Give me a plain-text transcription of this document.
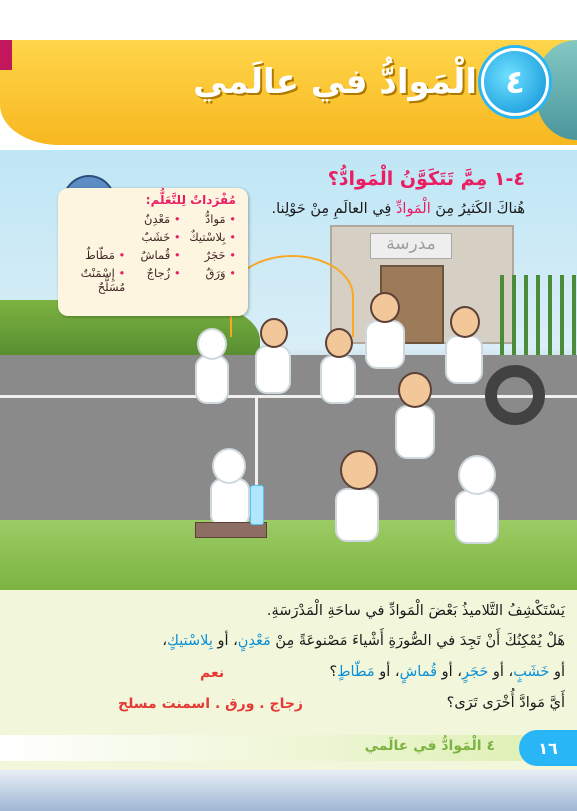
٤
الْمَوادُّ في عالَمي
مدرسة
مُفْرَداتٌ لِلتَّعَلُّم:
• مَوادُّ
• مَعْدِنٌ
• بِلاسْتيكٌ
• خَشَبٌ
• حَجَرٌ
• قُماشٌ
• مَطّاطٌ
• وَرَقٌ
• زُجاجٌ
• إِسْمَنْتٌ مُسَلَّحٌ
٤-١ مِمَّ تَتَكَوَّنُ الْمَوادُّ؟
هُناكَ الكَثيرُ مِنَ الْمَوادِّ فِي العالَمِ مِنْ حَوْلِنا.
يَسْتَكْشِفُ التَّلاميذُ بَعْضَ الْمَوادِّ في ساحَةِ الْمَدْرَسَةِ.
هَلْ يُمْكِنُكَ أَنْ تَجِدَ في الصُّورَةِ أَشْياءَ مَصْنوعَةً مِنْ مَعْدِنٍ، أو بِلاسْتيكٍ،
أو خَشَبٍ، أو حَجَرٍ، أو قُماشٍ، أو مَطّاطٍ؟
نعم
أَيَّ مَوادَّ أُخْرَى تَرَى؟
زجاج . ورق . اسمنت مسلح
٤ الْمَوادُّ في عالَمي	١٦
